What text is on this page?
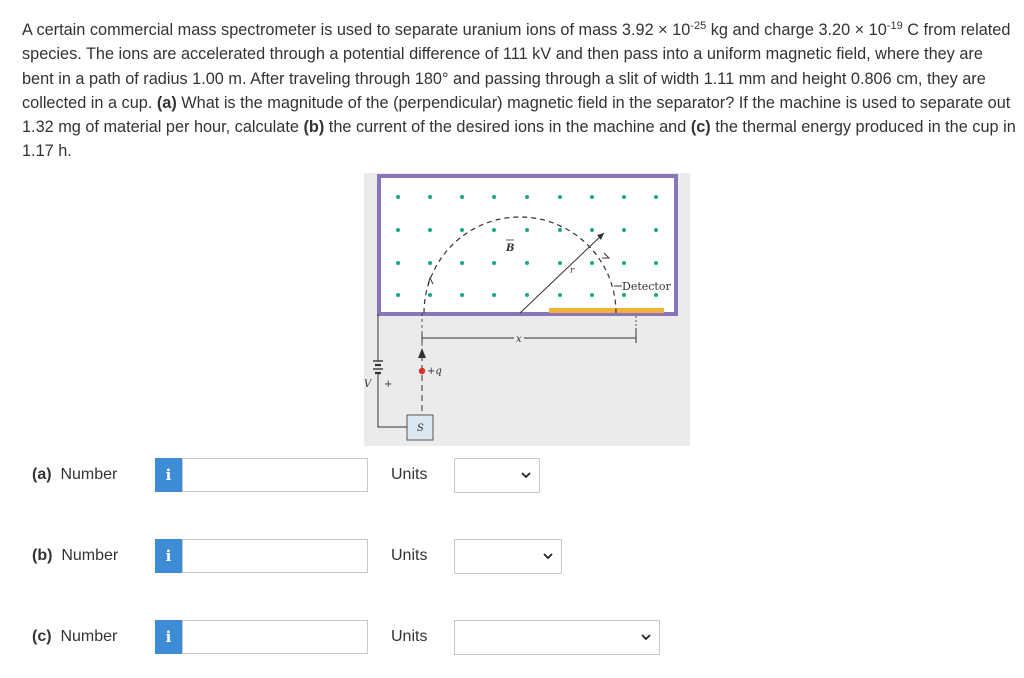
A certain commercial mass spectrometer is used to separate uranium ions of mass $3.92 \times 10^{-25}$ kg and charge $3.20 \times 10^{-19}$ C from related species. The ions are accelerated through a potential difference of 111 kV and then pass into a uniform magnetic field, where they are bent in a path of radius 1.00 m. After traveling through 180° and passing through a slit of width 1.11 mm and height 0.806 cm, they are collected in a cup. (a) What is the magnitude of the (perpendicular) magnetic field in the separator? If the machine is used to separate out 1.32 mg of material per hour, calculate (b) the current of the desired ions in the machine and (c) the thermal energy produced in the cup in 1.17 h.
r
B
Detector
x
+q
S
V +
(a) Number	i	Units
(b) Number	i	Units
(c) Number	i	Units
